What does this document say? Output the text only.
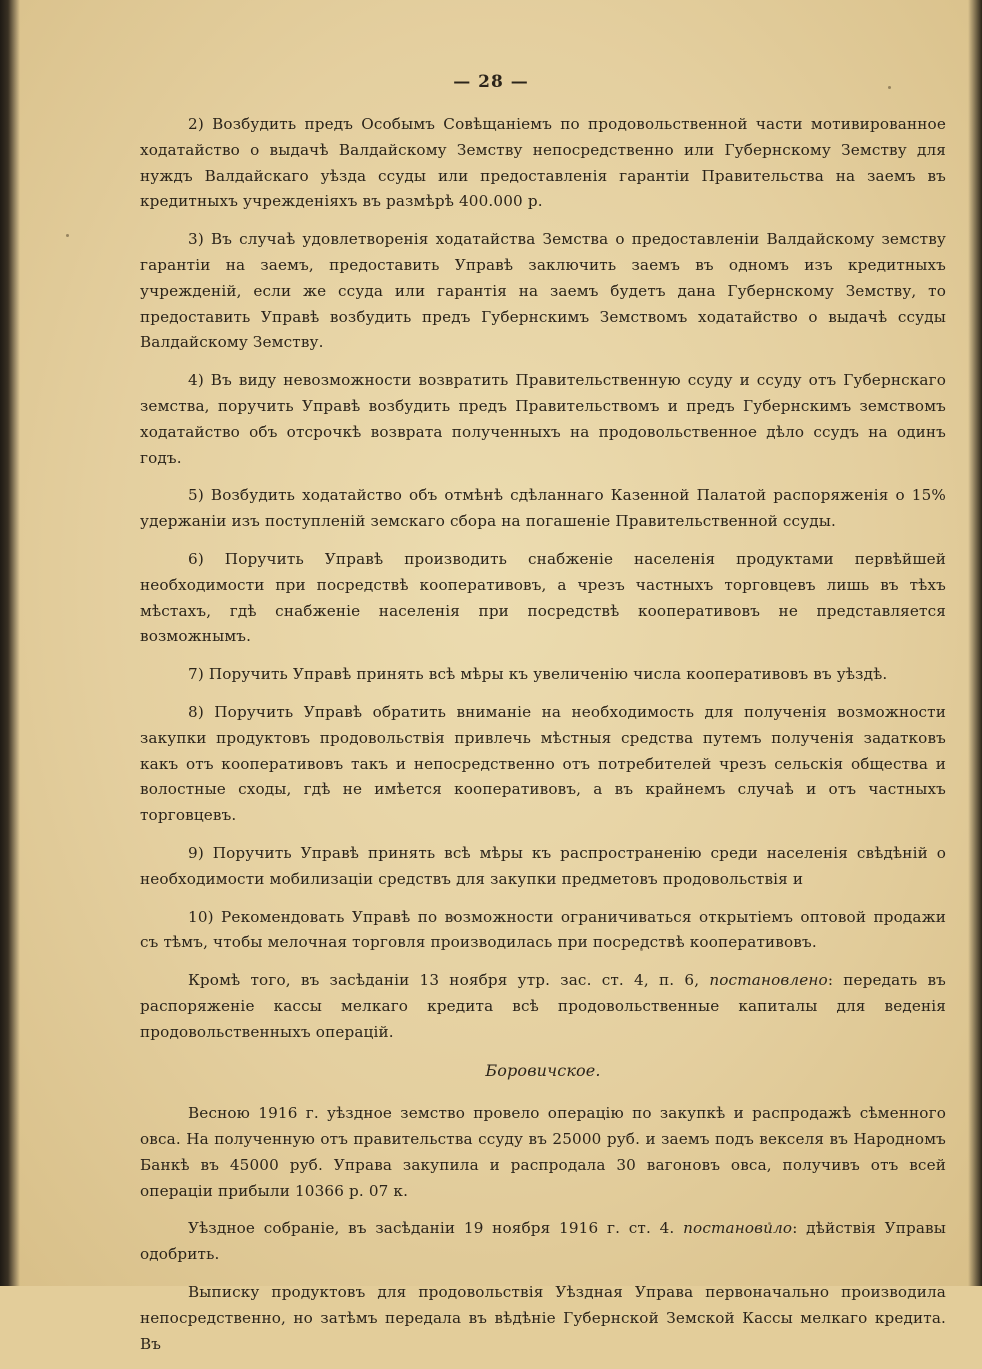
— 28 —

2) Возбудить предъ Особымъ Совѣщанiемъ по продовольственной части мотивированное ходатайство о выдачѣ Валдайскому Земству непосредственно или Губернскому Земству для нуждъ Валдайскаго уѣзда ссуды или предоставленія гарантіи Правительства на заемъ въ кредитныхъ учрежденіяхъ въ размѣрѣ 400.000 р.

3) Въ случаѣ удовлетворенія ходатайства Земства о предоставленіи Валдайскому земству гарантіи на заемъ, предоставить Управѣ заключить заемъ въ одномъ изъ кредитныхъ учрежденій, если же ссуда или гарантія на заемъ будетъ дана Губернскому Земству, то предоставить Управѣ возбудить предъ Губернскимъ Земствомъ ходатайство о выдачѣ ссуды Валдайскому Земству.

4) Въ виду невозможности возвратить Правительственную ссуду и ссуду отъ Губернскаго земства, поручить Управѣ возбудить предъ Правительствомъ и предъ Губернскимъ земствомъ ходатайство объ отсрочкѣ возврата полученныхъ на продовольственное дѣло ссудъ на одинъ годъ.

5) Возбудить ходатайство объ отмѣнѣ сдѣланнаго Казенной Палатой распоряженія о 15% удержаніи изъ поступленій земскаго сбора на погашеніе Правительственной ссуды.

6) Поручить Управѣ производить снабженіе населенія продуктами первѣйшей необходимости при посредствѣ кооперативовъ, а чрезъ частныхъ торговцевъ лишь въ тѣхъ мѣстахъ, гдѣ снабженіе населенія при посредствѣ кооперативовъ не представляется возможнымъ.

7) Поручить Управѣ принять всѣ мѣры къ увеличенію числа кооперативовъ въ уѣздѣ.

8) Поручить Управѣ обратить вниманіе на необходимость для полученія возможности закупки продуктовъ продовольствія привлечь мѣстныя средства путемъ полученія задатковъ какъ отъ кооперативовъ такъ и непосредственно отъ потребителей чрезъ сельскія общества и волостные сходы, гдѣ не имѣется кооперативовъ, а въ крайнемъ случаѣ и отъ частныхъ торговцевъ.

9) Поручить Управѣ принять всѣ мѣры къ распространенію среди населенія свѣдѣній о необходимости мобилизаціи средствъ для закупки предметовъ продовольствія и

10) Рекомендовать Управѣ по возможности ограничиваться открытіемъ оптовой продажи съ тѣмъ, чтобы мелочная торговля производилась при посредствѣ кооперативовъ.

Кромѣ того, въ засѣданіи 13 ноября утр. зас. ст. 4, п. 6, постановлено: передать въ распоряженіе кассы мелкаго кредита всѣ продовольственные капиталы для веденія продовольственныхъ операцій.

Боровичское.

Весною 1916 г. уѣздное земство провело операцію по закупкѣ и распродажѣ сѣменного овса. На полученную отъ правительства ссуду въ 25000 руб. и заемъ подъ векселя въ Народномъ Банкѣ въ 45000 руб. Управа закупила и распродала 30 вагоновъ овса, получивъ отъ всей операціи прибыли 10366 р. 07 к.

Уѣздное собраніе, въ засѣданіи 19 ноября 1916 г. ст. 4. постановило: дѣйствія Управы одобрить.

Выписку продуктовъ для продовольствія Уѣздная Управа первоначально производила непосредственно, но затѣмъ передала въ вѣдѣніе Губернской Земской Кассы мелкаго кредита. Въ
